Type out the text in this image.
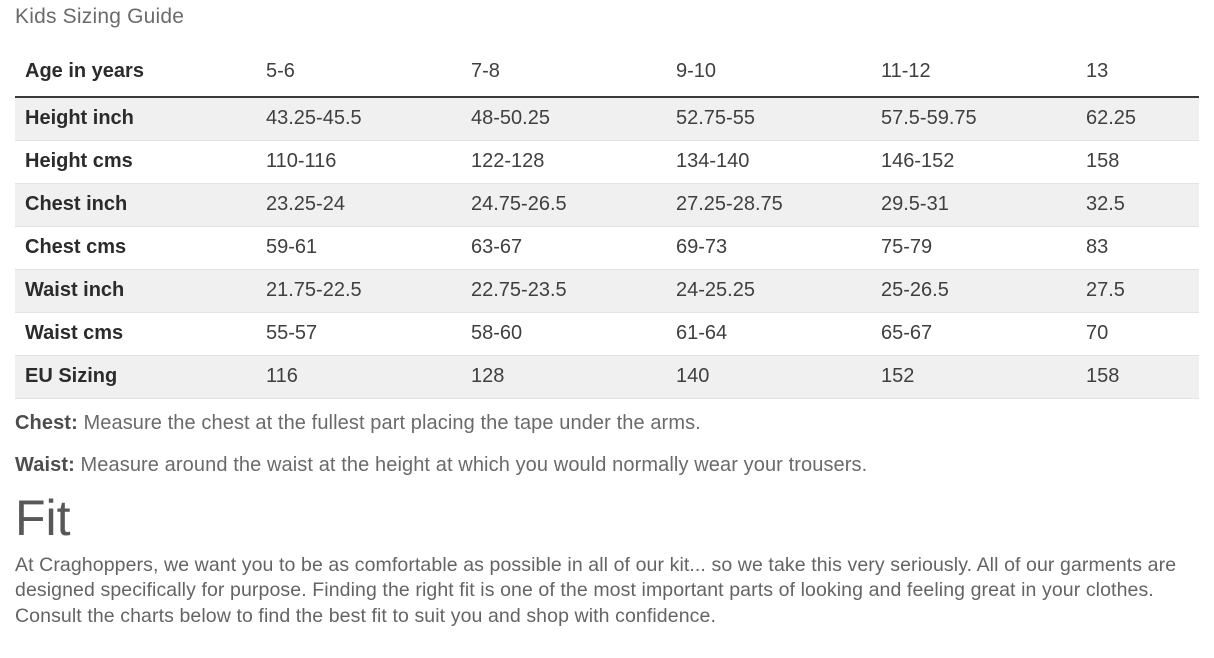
Kids Sizing Guide
Age in years	5-6	7-8	9-10	11-12	13
Height inch	43.25-45.5	48-50.25	52.75-55	57.5-59.75	62.25
Height cms	110-116	122-128	134-140	146-152	158
Chest inch	23.25-24	24.75-26.5	27.25-28.75	29.5-31	32.5
Chest cms	59-61	63-67	69-73	75-79	83
Waist inch	21.75-22.5	22.75-23.5	24-25.25	25-26.5	27.5
Waist cms	55-57	58-60	61-64	65-67	70
EU Sizing	116	128	140	152	158

Chest: Measure the chest at the fullest part placing the tape under the arms.

Waist: Measure around the waist at the height at which you would normally wear your trousers.

Fit

At Craghoppers, we want you to be as comfortable as possible in all of our kit... so we take this very seriously. All of our garments are designed specifically for purpose. Finding the right fit is one of the most important parts of looking and feeling great in your clothes. Consult the charts below to find the best fit to suit you and shop with confidence.
